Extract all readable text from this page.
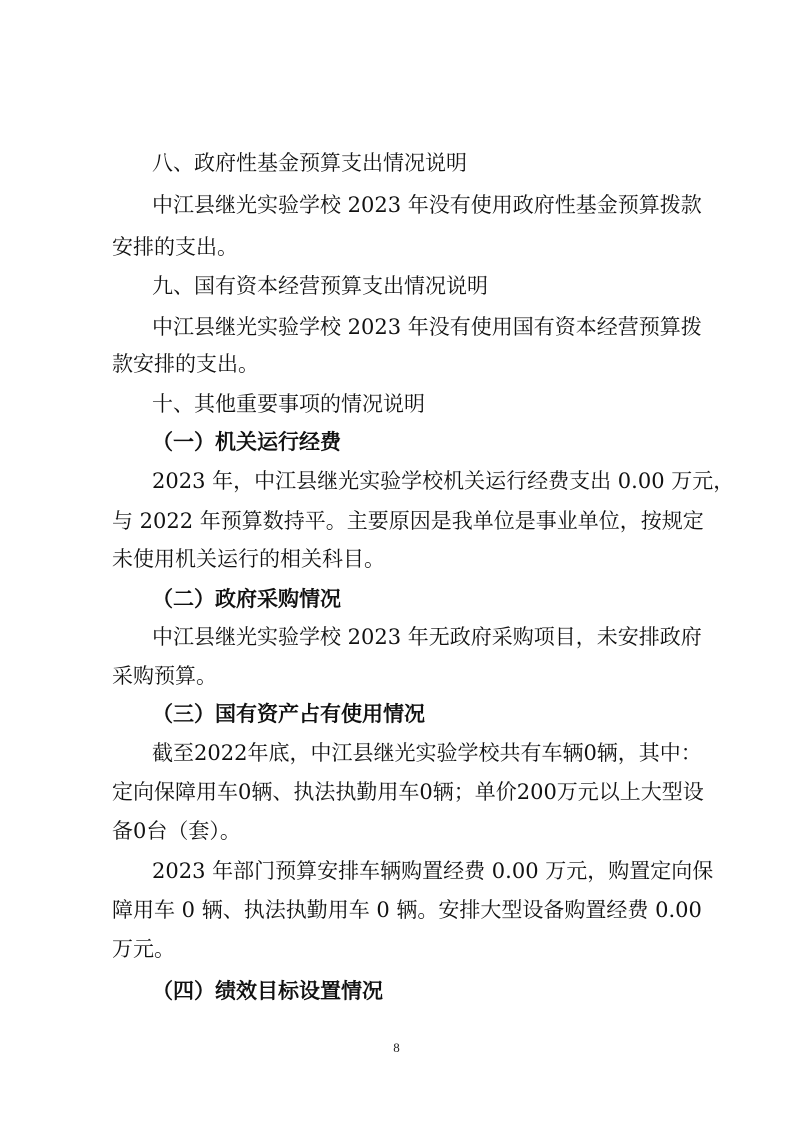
八、政府性基金预算支出情况说明
中江县继光实验学校 2023 年没有使用政府性基金预算拨款
安排的支出。
九、国有资本经营预算支出情况说明
中江县继光实验学校 2023 年没有使用国有资本经营预算拨
款安排的支出。
十、其他重要事项的情况说明
（一）机关运行经费
2023 年，中江县继光实验学校机关运行经费支出 0.00 万元，
与 2022 年预算数持平。主要原因是我单位是事业单位，按规定
未使用机关运行的相关科目。
（二）政府采购情况
中江县继光实验学校 2023 年无政府采购项目，未安排政府
采购预算。
（三）国有资产占有使用情况
截至2022年底，中江县继光实验学校共有车辆0辆，其中：
定向保障用车0辆、执法执勤用车0辆；单价200万元以上大型设
备0台（套）。
2023 年部门预算安排车辆购置经费 0.00 万元，购置定向保
障用车 0 辆、执法执勤用车 0 辆。安排大型设备购置经费 0.00
万元。
（四）绩效目标设置情况
8
